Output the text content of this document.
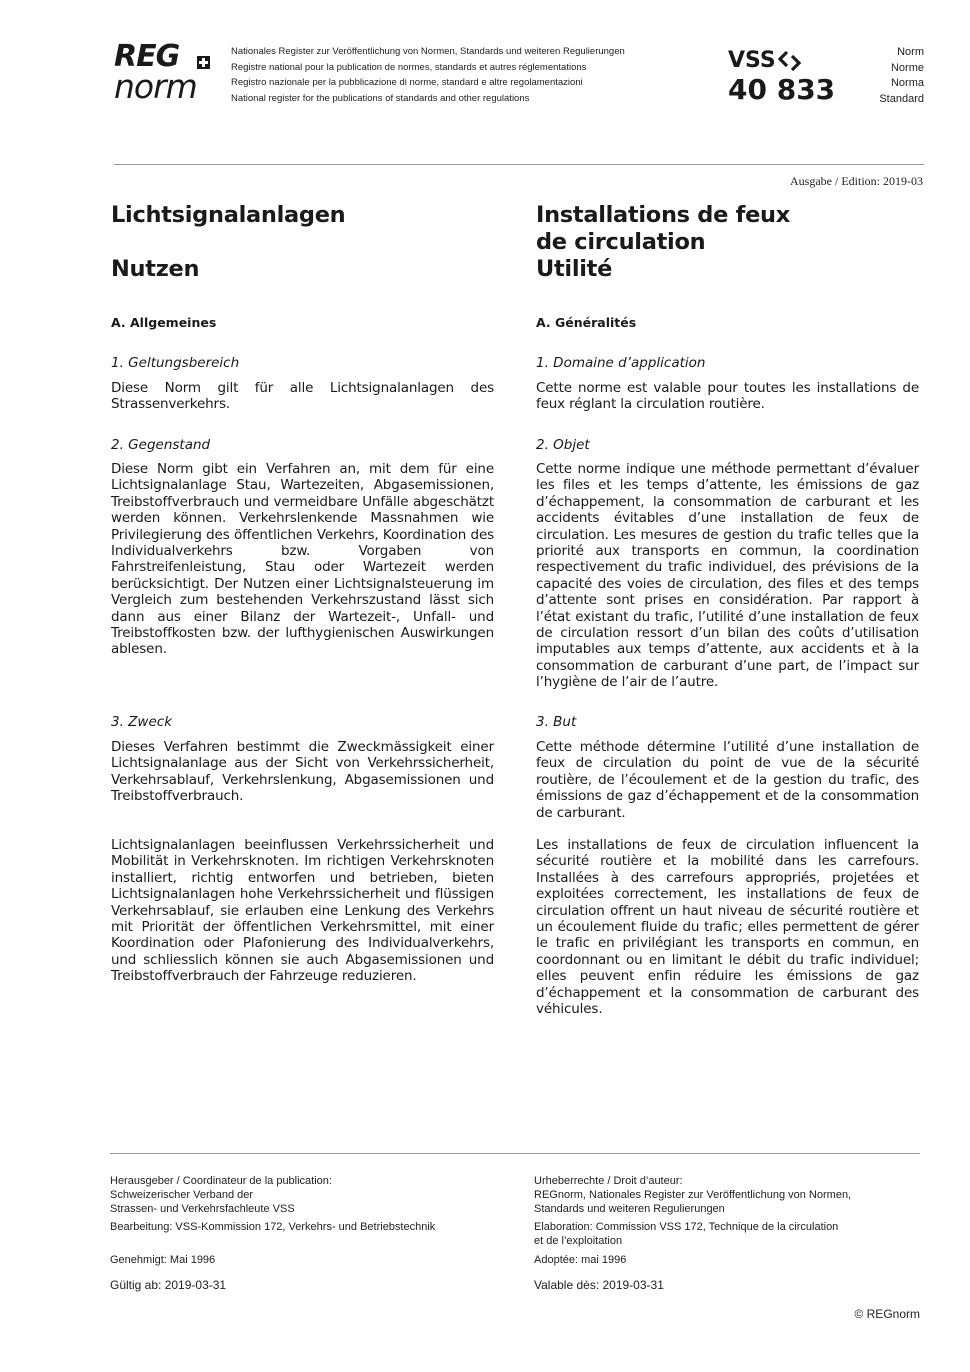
REG
norm
Nationales Register zur Veröffentlichung von Normen, Standards und weiteren Regulierungen
Registre national pour la publication de normes, standards et autres réglementations
Registro nazionale per la pubblicazione di norme, standard e altre regolamentazioni
National register for the publications of standards and other regulations
VSS
40 833
Norm
Norme
Norma
Standard
Ausgabe / Edition: 2019-03
Lichtsignalanlagen
Nutzen
A. Allgemeines
1. Geltungsbereich
Diese Norm gilt für alle Lichtsignalanlagen des Strassenverkehrs.
2. Gegenstand
Diese Norm gibt ein Verfahren an, mit dem für eine Lichtsignalanlage Stau, Wartezeiten, Abgasemissionen, Treibstoffverbrauch und vermeidbare Unfälle abgeschätzt werden können. Verkehrslenkende Massnahmen wie Privilegierung des öffentlichen Verkehrs, Koordination des Individualverkehrs bzw. Vorgaben von Fahrstreifenleistung, Stau oder Wartezeit werden berücksichtigt. Der Nutzen einer Lichtsignalsteuerung im Vergleich zum bestehenden Verkehrszustand lässt sich dann aus einer Bilanz der Wartezeit-, Unfall- und Treibstoffkosten bzw. der lufthygienischen Auswirkungen ablesen.
3. Zweck
Dieses Verfahren bestimmt die Zweckmässigkeit einer Lichtsignalanlage aus der Sicht von Verkehrssicherheit, Verkehrsablauf, Verkehrslenkung, Abgasemissionen und Treibstoffverbrauch.
Lichtsignalanlagen beeinflussen Verkehrssicherheit und Mobilität in Verkehrsknoten. Im richtigen Verkehrsknoten installiert, richtig entworfen und betrieben, bieten Lichtsignalanlagen hohe Verkehrssicherheit und flüssigen Verkehrsablauf, sie erlauben eine Lenkung des Verkehrs mit Priorität der öffentlichen Verkehrsmittel, mit einer Koordination oder Plafonierung des Individualverkehrs, und schliesslich können sie auch Abgasemissionen und Treibstoffverbrauch der Fahrzeuge reduzieren.
Installations de feux
de circulation
Utilité
A. Généralités
1. Domaine d’application
Cette norme est valable pour toutes les installations de feux réglant la circulation routière.
2. Objet
Cette norme indique une méthode permettant d’évaluer les files et les temps d’attente, les émissions de gaz d’échappement, la consommation de carburant et les accidents évitables d’une installation de feux de circulation. Les mesures de gestion du trafic telles que la priorité aux transports en commun, la coordination respectivement du trafic individuel, des prévisions de la capacité des voies de circulation, des files et des temps d’attente sont prises en considération. Par rapport à l’état existant du trafic, l’utilité d’une installation de feux de circulation ressort d’un bilan des coûts d’utilisation imputables aux temps d’attente, aux accidents et à la consommation de carburant d’une part, de l’impact sur l’hygiène de l’air de l’autre.
3. But
Cette méthode détermine l’utilité d’une installation de feux de circulation du point de vue de la sécurité routière, de l’écoulement et de la gestion du trafic, des émissions de gaz d’échappement et de la consommation de carburant.
Les installations de feux de circulation influencent la sécurité routière et la mobilité dans les carrefours. Installées à des carrefours appropriés, projetées et exploitées correctement, les installations de feux de circulation offrent un haut niveau de sécurité routière et un écoulement fluide du trafic; elles permettent de gérer le trafic en privilégiant les transports en commun, en coordonnant ou en limitant le débit du trafic individuel; elles peuvent enfin réduire les émissions de gaz d’échappement et la consommation de carburant des véhicules.
Herausgeber / Coordinateur de la publication:
Schweizerischer Verband der
Strassen- und Verkehrsfachleute VSS
Bearbeitung: VSS-Kommission 172, Verkehrs- und Betriebstechnik
Genehmigt: Mai 1996
Gültig ab: 2019-03-31
Urheberrechte / Droit d’auteur:
REGnorm, Nationales Register zur Veröffentlichung von Normen,
Standards und weiteren Regulierungen
Elaboration: Commission VSS 172, Technique de la circulation
et de l’exploitation
Adoptée: mai 1996
Valable dès: 2019-03-31
© REGnorm
